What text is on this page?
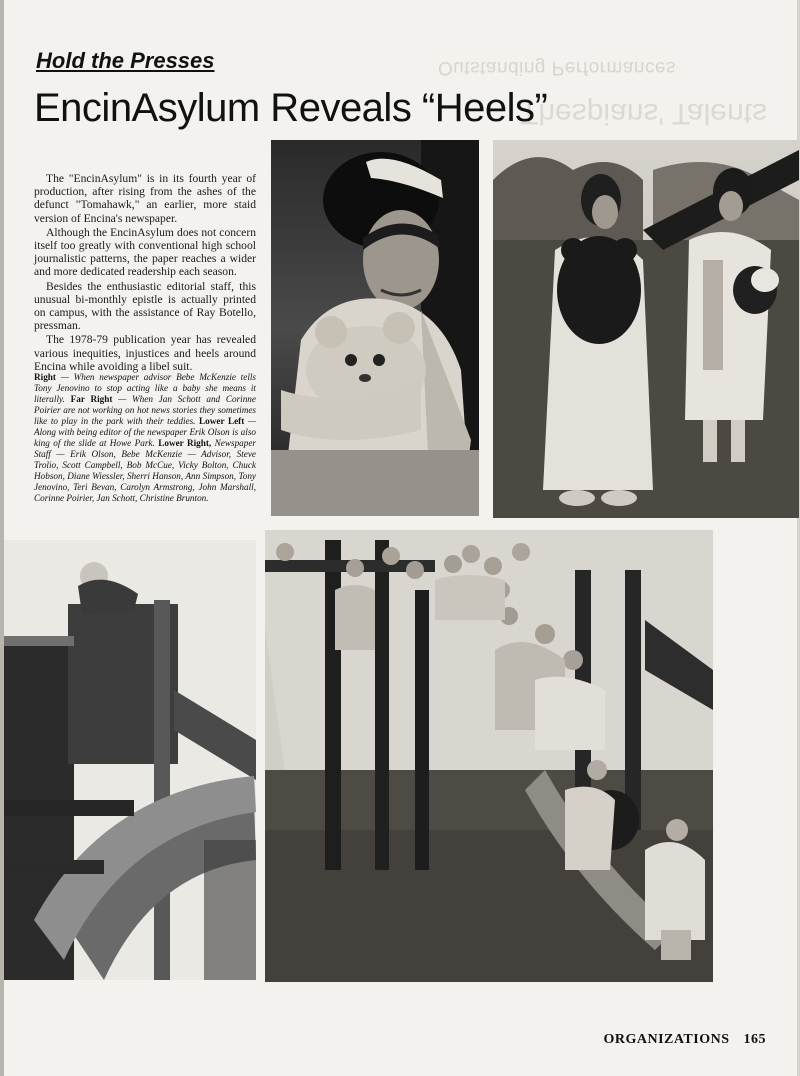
Outstanding Performances
Thespians' Talents
Hold the Presses
EncinAsylum Reveals “Heels”

The "EncinAsylum" is in its fourth year of production, after rising from the ashes of the defunct "Tomahawk," an earlier, more staid version of Encina's newspaper.

Although the EncinAsylum does not concern itself too greatly with conventional high school journalistic patterns, the paper reaches a wider and more dedicated readership each season.

Besides the enthusiastic editorial staff, this unusual bi-monthly epistle is actually printed on campus, with the assistance of Ray Botello, pressman.

The 1978-79 publication year has revealed various inequities, injustices and heels around Encina while avoiding a libel suit.

Right — When newspaper advisor Bebe McKenzie tells Tony Jenovino to stop acting like a baby she means it literally. Far Right — When Jan Schott and Corinne Poirier are not working on hot news stories they sometimes like to play in the park with their teddies. Lower Left — Along with being editor of the newspaper Erik Olson is also king of the slide at Howe Park. Lower Right, Newspaper Staff — Erik Olson, Bebe McKenzie — Advisor, Steve Trolio, Scott Campbell, Bob McCue, Vicky Bolton, Chuck Hobson, Diane Wiessler, Sherri Hanson, Ann Simpson, Tony Jenovino, Teri Bevan, Carolyn Armstrong, John Marshall, Corinne Poirier, Jan Schott, Christine Brunton.
ORGANIZATIONS 165
